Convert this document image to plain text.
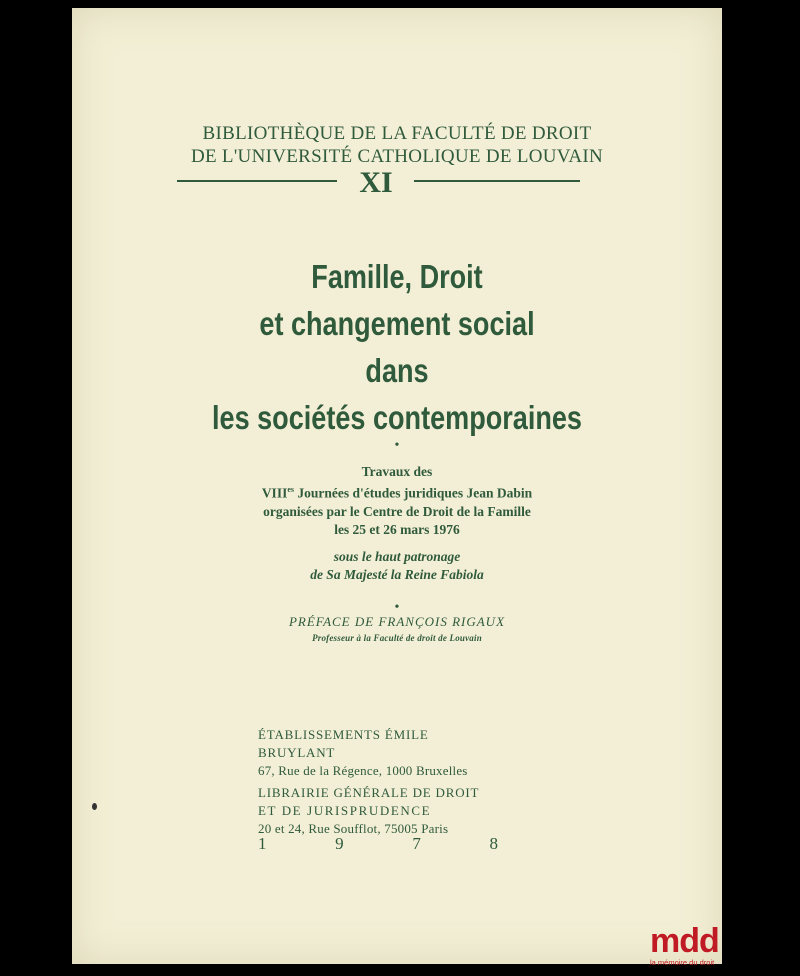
BIBLIOTHÈQUE DE LA FACULTÉ DE DROIT
DE L'UNIVERSITÉ CATHOLIQUE DE LOUVAIN
XI
Famille, Droit
et changement social
dans
les sociétés contemporaines
•
Travaux des
$VIII^{es}$ Journées d'études juridiques Jean Dabin
organisées par le Centre de Droit de la Famille
les 25 et 26 mars 1976
sous le haut patronage
de Sa Majesté la Reine Fabiola
•
PRÉFACE DE FRANÇOIS RIGAUX
Professeur à la Faculté de droit de Louvain
ÉTABLISSEMENTS ÉMILE BRUYLANT
67, Rue de la Régence, 1000 Bruxelles
LIBRAIRIE GÉNÉRALE DE DROIT
ET DE JURISPRUDENCE
20 et 24, Rue Soufflot, 75005 Paris
1	9	7	8
mdd
la mémoire du droit
